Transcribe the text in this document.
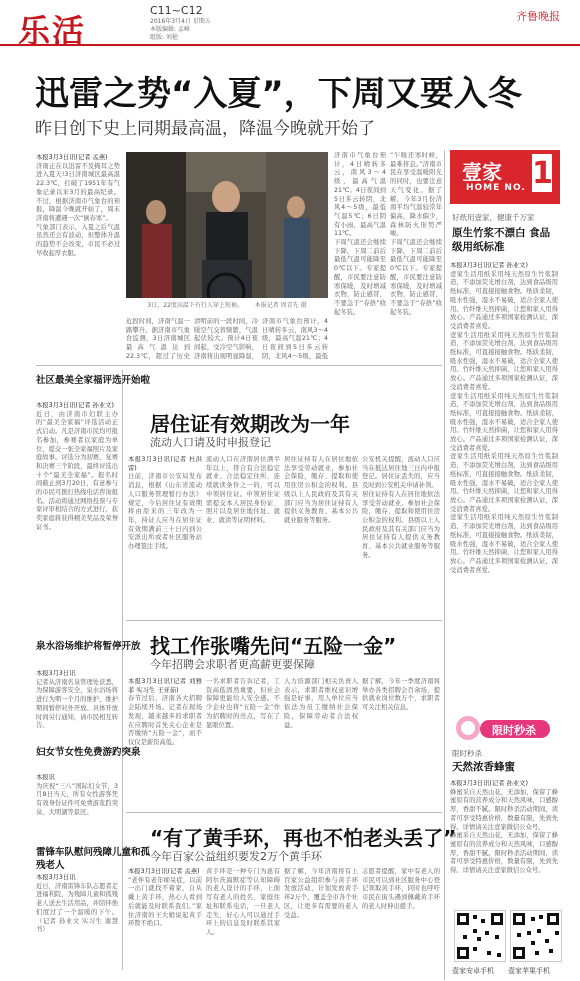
乐活
C11~C12
2016年3月4日 星期五
本版编辑: 孟峰
组版: 刘艳
齐鲁晚报
迅雷之势“入夏”，下周又要入冬
昨日创下史上同期最高温，降温今晚就开始了

本报3月3日讯(记者 孟燕)

济南正在以迅雷不及掩耳之势进入夏天!3日济南城区最高温22.3℃，打破了1951年有气象记录以来3月的最高纪录。不过，根据济南市气象台的预报，降温今晚就开始了，周末济南将遭遇一次“倒春寒”。

气象部门表示，入夏之后气温虽然还会有波动，但整体升温的趋势不会改变，市民不必过早收起厚衣服。

3日，22度高温下有行人穿上短袖。 本报记者 周青先 摄

近段时间，济南气温一路攀升。据济南市气象台监测，3日济南城区最高气温达到22.3℃，超过了历史

清明前的一段时间，冷暖空气交替频繁，气温起伏较大。预计4日夜间起，受冷空气影响，济南将出现明显降温，

济南市气象台预计，4日晴转多云，南风3～4级，最高气温21℃；4日夜间到5日多云转阴，北风4～5级，最低

济南市气象台预计，4日晴转多云，南风3～4级，最高气温21℃；4日夜间到5日多云转阴，北风4～5级，最低气温5℃；6日阴有小雨，最高气温11℃。

下周气温还会继续下降，下周二前后最低气温可能降至0℃以下。专家提醒，市民要注意防寒保暖，及时增减衣物，防止感冒，不要急于“春捂”收起冬装。

“乍暖还寒时候，最难将息。”济南市民在享受温暖阳光的同时，也要注意天气变化。据了解，今年3月份济南平均气温较常年偏高，降水偏少，森林防火形势严峻。

下周气温还会继续下降，下周二前后最低气温可能降至0℃以下。专家提醒，市民要注意防寒保暖，及时增减衣物，防止感冒，不要急于“春捂”收起冬装。

社区最美全家福评选开始啦

本报3月3日讯(记者 孙业文)

近日，由济南市妇联主办的“最美全家福”评选活动正式启动。凡是济南市民均可报名参加，参赛者以家庭为单位，提交一张全家福照片及家庭故事。评选分为初赛、复赛和决赛三个阶段，最终评选出十个“最美全家福”。报名时间截止到3月20日，有意参与的市民可拨打热线电话咨询报名。活动将通过网络投票与专家评审相结合的方式进行，获奖家庭将获得精美奖品及荣誉证书。

泉水浴场维护将暂停开放

本报3月3日讯

记者从济南名泉管理处获悉，为保障游客安全，泉水浴场将进行为期一个月的维护，维护期间暂停对外开放。具体开放时间另行通知，请市民相互转告。

妇女节女性免费游趵突泉

本报讯

为庆祝“三八”国际妇女节，3月8日当天，所有女性游客凭有效身份证件可免费游览趵突泉、大明湖等景区。

雷锋车队慰问残障儿童和孤残老人

本报3月3日讯

近日，济南雷锋车队志愿者走进福利院，为残障儿童和孤残老人送去生活用品，并陪伴他们度过了一个温暖的下午。（记者 孙业文 实习生 谢慧书）

居住证有效期改为一年
流动人口请及时申报登记

本报3月3日讯(记者 杜洪雷)

日前，济南市公安局发布消息，根据《山东省流动人口服务管理暂行办法》规定，今后居住证有效期将由原来的三年改为一年，持证人应当在居住证有效期满前三十日内到公安派出所或者社区服务站办理签注手续。

流动人口在济南居住满半年以上，符合有合法稳定就业、合法稳定住所、连续就读条件之一的，可以申领居住证。申领居住证需提交本人居民身份证、照片以及居住地住址、就业、就读等证明材料。

居住证持有人在居住地依法享受劳动就业，参加社会保险，缴存、提取和使用住房公积金的权利。县级以上人民政府及其有关部门应当为居住证持有人提供义务教育、基本公共就业服务等服务。

公安机关提醒，流动人口应当在抵达居住地三日内申报登记。居住证丢失的，应当及时到公安机关申请补领。

居住证持有人在居住地依法享受劳动就业，参加社会保险，缴存、提取和使用住房公积金的权利。县级以上人民政府及其有关部门应当为居住证持有人提供义务教育、基本公共就业服务等服务。

找工作张嘴先问“五险一金”
今年招聘会求职者更高薪更要保障

本报3月3日讯(记者 刘雅菲 实习生 王亚茹)

春节过后，济南各大招聘会陆续开场。记者在现场发现，越来越多的求职者在应聘时首先关心企业是否缴纳“五险一金”，而不仅仅是薪资高低。

一名求职者告诉记者，工资高低固然重要，但社会保障更能给人安全感。不少企业也将“五险一金”作为招聘时的亮点，写在了显眼位置。

人力资源部门相关负责人表示，求职者维权意识增强是好事，用人单位应当依法为员工缴纳社会保险，保障劳动者合法权益。

据了解，今年一季度济南将举办各类招聘会百余场，提供就业岗位数万个，求职者可关注相关信息。

“有了黄手环，再也不怕老头丢了”
今年百家公益组织要发2万个黄手环

本报3月3日讯(记者 孟燕)

“老伴有老年痴呆症，以前一出门就找不着家，自从戴上黄手环，热心人看到后就能及时联系我们。”家住济南的王大娘说起黄手环赞不绝口。

黄手环是一种专门为患有阿尔茨海默症等认知障碍的老人设计的手环，上面写有老人的姓名、家庭住址和联系电话，一旦老人走失，好心人可以通过手环上的信息及时联系其家人。

据了解，今年济南将有上百家公益组织参与黄手环发放活动，计划发放黄手环2万个，覆盖全市各个社区，让更多有需要的老人受益。

志愿者提醒，家中有老人的市民可以到社区服务中心登记领取黄手环，同时也呼吁市民在街头遇到佩戴黄手环的老人时伸出援手。

壹家
HOME NO. 1
好纸用壹家，健康千万家
原生竹浆不漂白 食品级用纸标准

本报3月3日讯(记者 孙业文)

壹家生活用纸采用纯天然原生竹浆制造，不添加荧光增白剂，达到食品级用纸标准，可直接接触食物。纸质柔韧，吸水性强，湿水不易破，适合全家人使用。竹纤维天然抑菌，让您和家人用得放心。产品通过多项国家检测认证，深受消费者喜爱。

壹家生活用纸采用纯天然原生竹浆制造，不添加荧光增白剂，达到食品级用纸标准，可直接接触食物。纸质柔韧，吸水性强，湿水不易破，适合全家人使用。竹纤维天然抑菌，让您和家人用得放心。产品通过多项国家检测认证，深受消费者喜爱。

壹家生活用纸采用纯天然原生竹浆制造，不添加荧光增白剂，达到食品级用纸标准，可直接接触食物。纸质柔韧，吸水性强，湿水不易破，适合全家人使用。竹纤维天然抑菌，让您和家人用得放心。产品通过多项国家检测认证，深受消费者喜爱。

壹家生活用纸采用纯天然原生竹浆制造，不添加荧光增白剂，达到食品级用纸标准，可直接接触食物。纸质柔韧，吸水性强，湿水不易破，适合全家人使用。竹纤维天然抑菌，让您和家人用得放心。产品通过多项国家检测认证，深受消费者喜爱。

壹家生活用纸采用纯天然原生竹浆制造，不添加荧光增白剂，达到食品级用纸标准，可直接接触食物。纸质柔韧，吸水性强，湿水不易破，适合全家人使用。竹纤维天然抑菌，让您和家人用得放心。产品通过多项国家检测认证，深受消费者喜爱。

限时秒杀
限时秒杀
天然浓香蜂蜜

本报3月3日讯(记者 孙业文)

蜂蜜采自天然山花，无添加，保留了蜂蜜原有的营养成分和天然风味，口感醇厚，香甜不腻。限时秒杀活动期间，读者可享受特惠价格，数量有限，先到先得。详情请关注壹家微信公众号。

蜂蜜采自天然山花，无添加，保留了蜂蜜原有的营养成分和天然风味，口感醇厚，香甜不腻。限时秒杀活动期间，读者可享受特惠价格，数量有限，先到先得。详情请关注壹家微信公众号。

壹家安卓手机 壹家苹果手机
